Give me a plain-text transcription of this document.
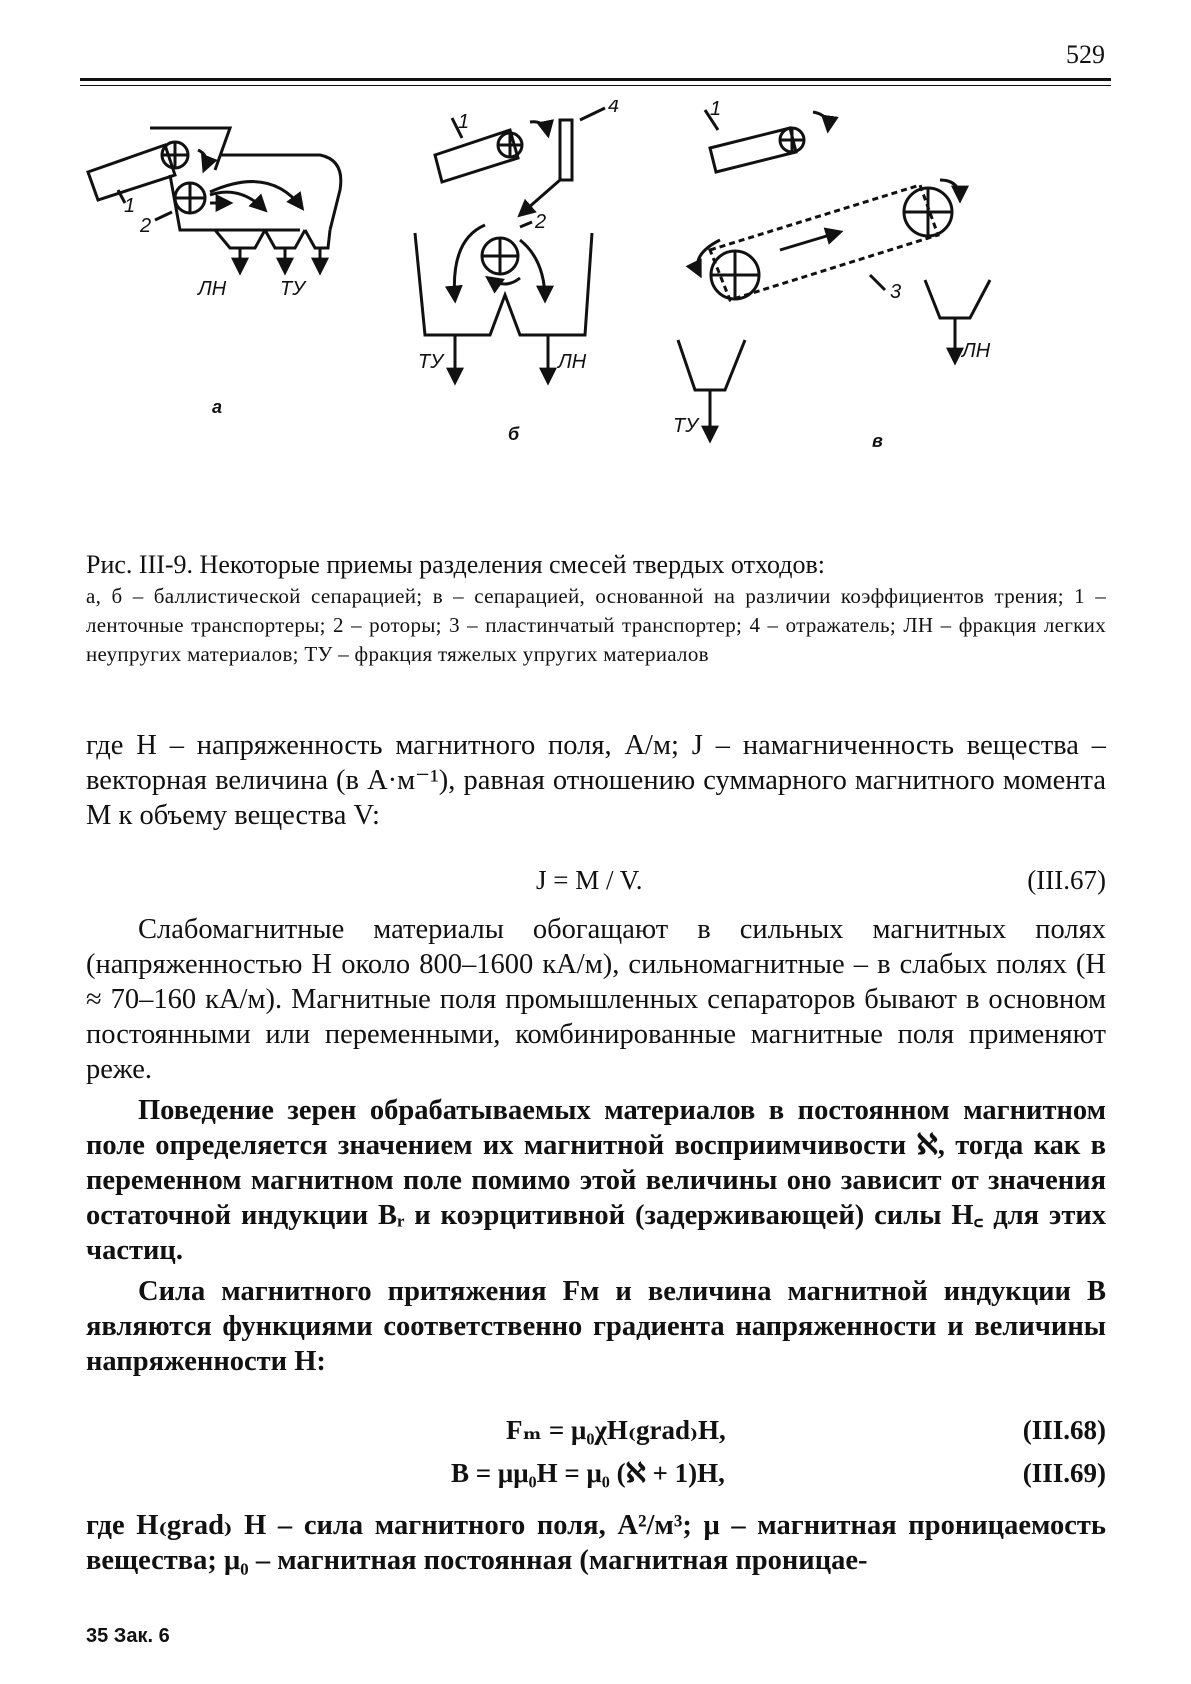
529
1
2
ЛН	ТУ
а
1
2
4
ТУ	ЛН
б
1
3
ЛН
ТУ
в
Рис. III-9. Некоторые приемы разделения смесей твердых отходов:
а, б – баллистической сепарацией; в – сепарацией, основанной на различии коэффициентов трения; 1 – ленточные транспортеры; 2 – роторы; 3 – пластинчатый транспортер; 4 – отражатель; ЛН – фракция легких неупругих материалов; ТУ – фракция тяжелых упругих материалов
где H – напряженность магнитного поля, А/м; J – намагниченность вещества – векторная величина (в А·м⁻¹), равная отношению суммарного магнитного момента M к объему вещества V:
J = M / V.	(III.67)
Слабомагнитные материалы обогащают в сильных магнитных полях (напряженностью H около 800–1600 кА/м), сильномагнитные – в слабых полях (H ≈ 70–160 кА/м). Магнитные поля промышленных сепараторов бывают в основном постоянными или переменными, комбинированные магнитные поля применяют реже.
Поведение зерен обрабатываемых материалов в постоянном магнитном поле определяется значением их магнитной восприимчивости ℵ, тогда как в переменном магнитном поле помимо этой величины оно зависит от значения остаточной индукции Bᵣ и коэрцитивной (задерживающей) силы H꜀ для этих частиц.
Сила магнитного притяжения Fм и величина магнитной индукции B являются функциями соответственно градиента напряженности и величины напряженности H:
Fₘ = μ₀χH₍grad₎H,	(III.68)
B = μμ₀H = μ₀ (ℵ + 1)H,	(III.69)
где H₍grad₎ H – сила магнитного поля, А²/м³; μ – магнитная проницаемость вещества; μ₀ – магнитная постоянная (магнитная проницае-
35 Зак. 6
